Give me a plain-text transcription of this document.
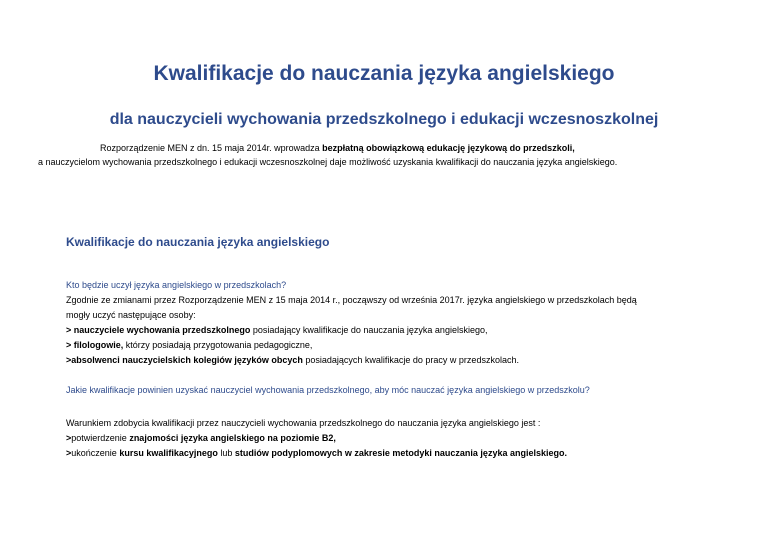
Kwalifikacje do nauczania języka angielskiego
dla nauczycieli wychowania przedszkolnego i edukacji wczesnoszkolnej
Rozporządzenie MEN z dn. 15 maja 2014r. wprowadza bezpłatną obowiązkową edukację językową do przedszkoli,
a nauczycielom wychowania przedszkolnego i edukacji wczesnoszkolnej daje możliwość uzyskania kwalifikacji do nauczania języka angielskiego.
Kwalifikacje do nauczania języka angielskiego
Kto będzie uczył języka angielskiego w przedszkolach?
Zgodnie ze zmianami przez Rozporządzenie MEN z 15 maja 2014 r., począwszy od września 2017r. języka angielskiego w przedszkolach będą
mogły uczyć następujące osoby:
> nauczyciele wychowania przedszkolnego posiadający kwalifikacje do nauczania języka angielskiego,
> filologowie, którzy posiadają przygotowania pedagogiczne,
>absolwenci nauczycielskich kolegiów języków obcych posiadających kwalifikacje do pracy w przedszkolach.
Jakie kwalifikacje powinien uzyskać nauczyciel wychowania przedszkolnego, aby móc nauczać języka angielskiego w przedszkolu?
Warunkiem zdobycia kwalifikacji przez nauczycieli wychowania przedszkolnego do nauczania języka angielskiego jest :
>potwierdzenie znajomości języka angielskiego na poziomie B2,
>ukończenie kursu kwalifikacyjnego lub studiów podyplomowych w zakresie metodyki nauczania języka angielskiego.
